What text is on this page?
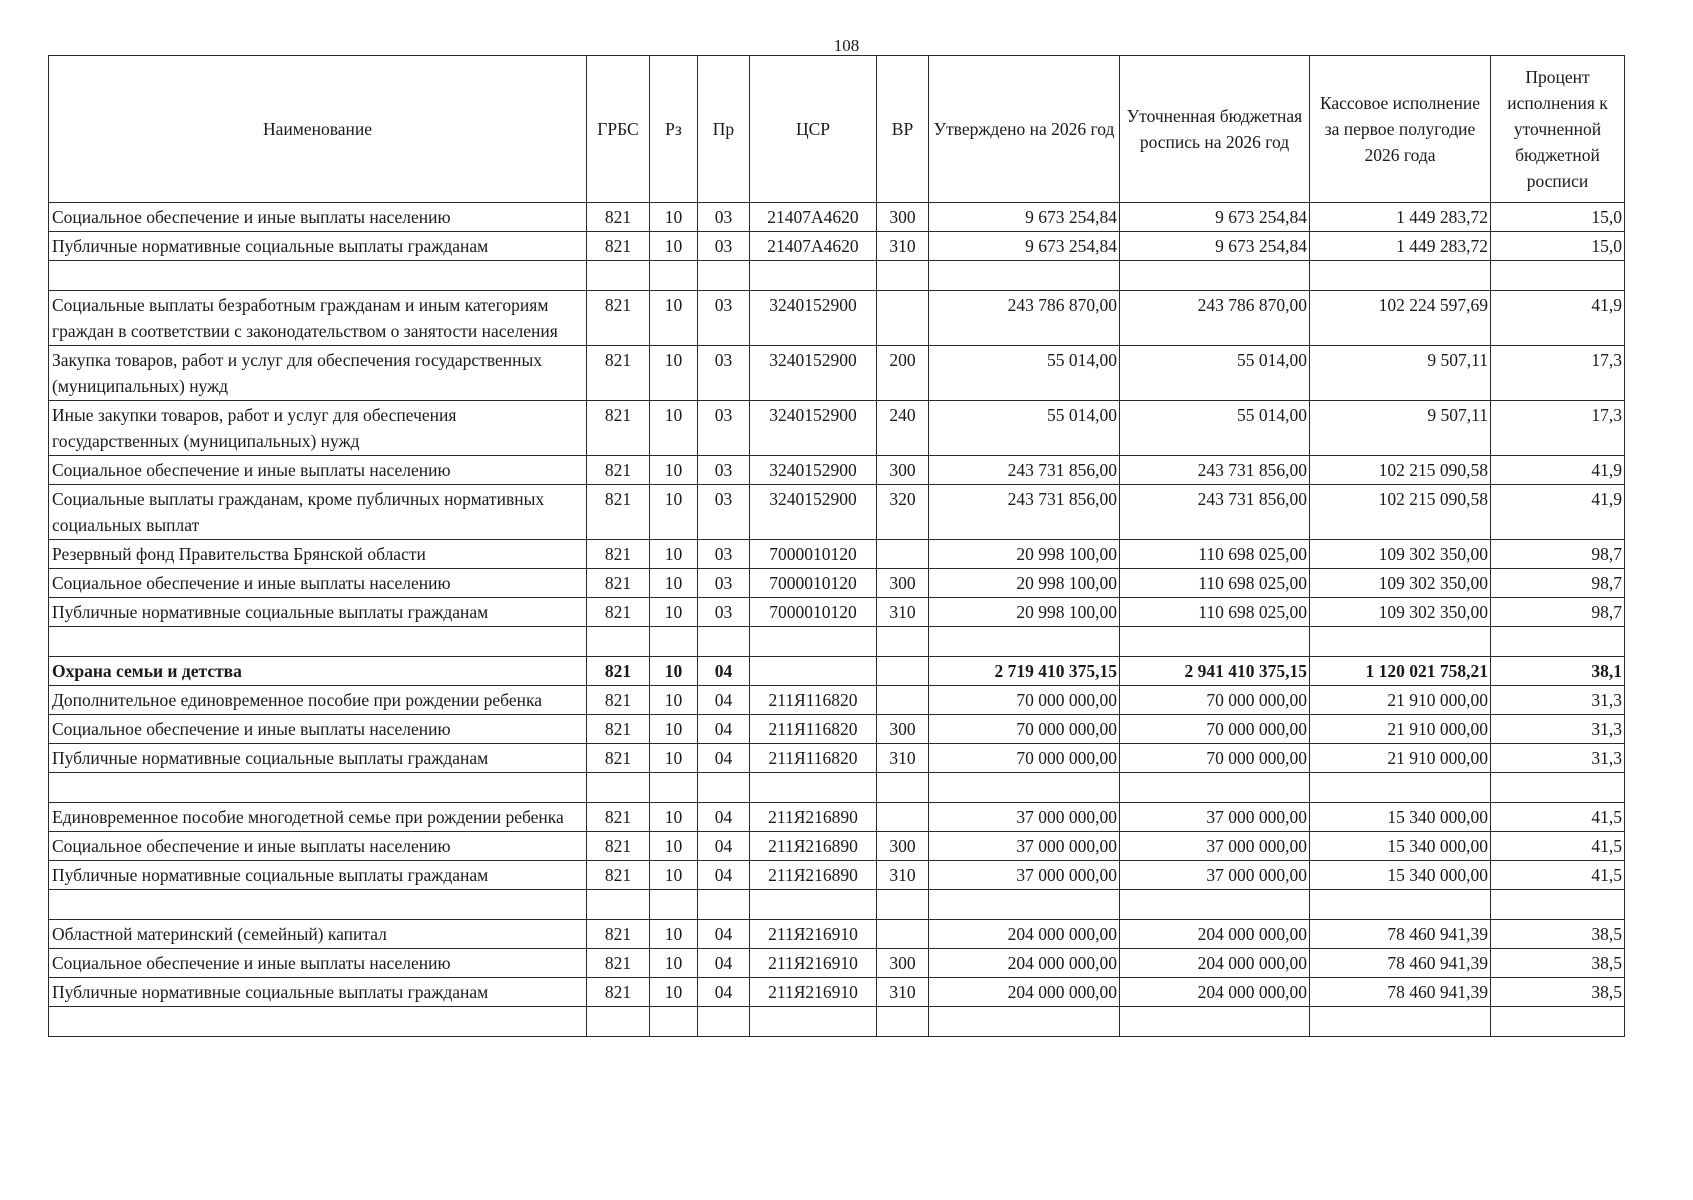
108
Наименование	ГРБС	Рз	Пр	ЦСР	ВР	Утверждено на 2026 год	Уточненная бюджетная роспись на 2026 год	Кассовое исполнение за первое полугодие 2026 года	Процент исполнения к уточненной бюджетной росписи
Социальное обеспечение и иные выплаты населению	821	10	03	21407А4620	300	9 673 254,84	9 673 254,84	1 449 283,72	15,0
Публичные нормативные социальные выплаты гражданам	821	10	03	21407А4620	310	9 673 254,84	9 673 254,84	1 449 283,72	15,0

Социальные выплаты безработным гражданам и иным категориям граждан в соответствии с законодательством о занятости населения	821	10	03	3240152900		243 786 870,00	243 786 870,00	102 224 597,69	41,9
Закупка товаров, работ и услуг для обеспечения государственных (муниципальных) нужд	821	10	03	3240152900	200	55 014,00	55 014,00	9 507,11	17,3
Иные закупки товаров, работ и услуг для обеспечения государственных (муниципальных) нужд	821	10	03	3240152900	240	55 014,00	55 014,00	9 507,11	17,3
Социальное обеспечение и иные выплаты населению	821	10	03	3240152900	300	243 731 856,00	243 731 856,00	102 215 090,58	41,9
Социальные выплаты гражданам, кроме публичных нормативных социальных выплат	821	10	03	3240152900	320	243 731 856,00	243 731 856,00	102 215 090,58	41,9
Резервный фонд Правительства Брянской области	821	10	03	7000010120		20 998 100,00	110 698 025,00	109 302 350,00	98,7
Социальное обеспечение и иные выплаты населению	821	10	03	7000010120	300	20 998 100,00	110 698 025,00	109 302 350,00	98,7
Публичные нормативные социальные выплаты гражданам	821	10	03	7000010120	310	20 998 100,00	110 698 025,00	109 302 350,00	98,7

Охрана семьи и детства	821	10	04			2 719 410 375,15	2 941 410 375,15	1 120 021 758,21	38,1
Дополнительное единовременное пособие при рождении ребенка	821	10	04	211Я116820		70 000 000,00	70 000 000,00	21 910 000,00	31,3
Социальное обеспечение и иные выплаты населению	821	10	04	211Я116820	300	70 000 000,00	70 000 000,00	21 910 000,00	31,3
Публичные нормативные социальные выплаты гражданам	821	10	04	211Я116820	310	70 000 000,00	70 000 000,00	21 910 000,00	31,3

Единовременное пособие многодетной семье при рождении ребенка	821	10	04	211Я216890		37 000 000,00	37 000 000,00	15 340 000,00	41,5
Социальное обеспечение и иные выплаты населению	821	10	04	211Я216890	300	37 000 000,00	37 000 000,00	15 340 000,00	41,5
Публичные нормативные социальные выплаты гражданам	821	10	04	211Я216890	310	37 000 000,00	37 000 000,00	15 340 000,00	41,5

Областной материнский (семейный) капитал	821	10	04	211Я216910		204 000 000,00	204 000 000,00	78 460 941,39	38,5
Социальное обеспечение и иные выплаты населению	821	10	04	211Я216910	300	204 000 000,00	204 000 000,00	78 460 941,39	38,5
Публичные нормативные социальные выплаты гражданам	821	10	04	211Я216910	310	204 000 000,00	204 000 000,00	78 460 941,39	38,5
